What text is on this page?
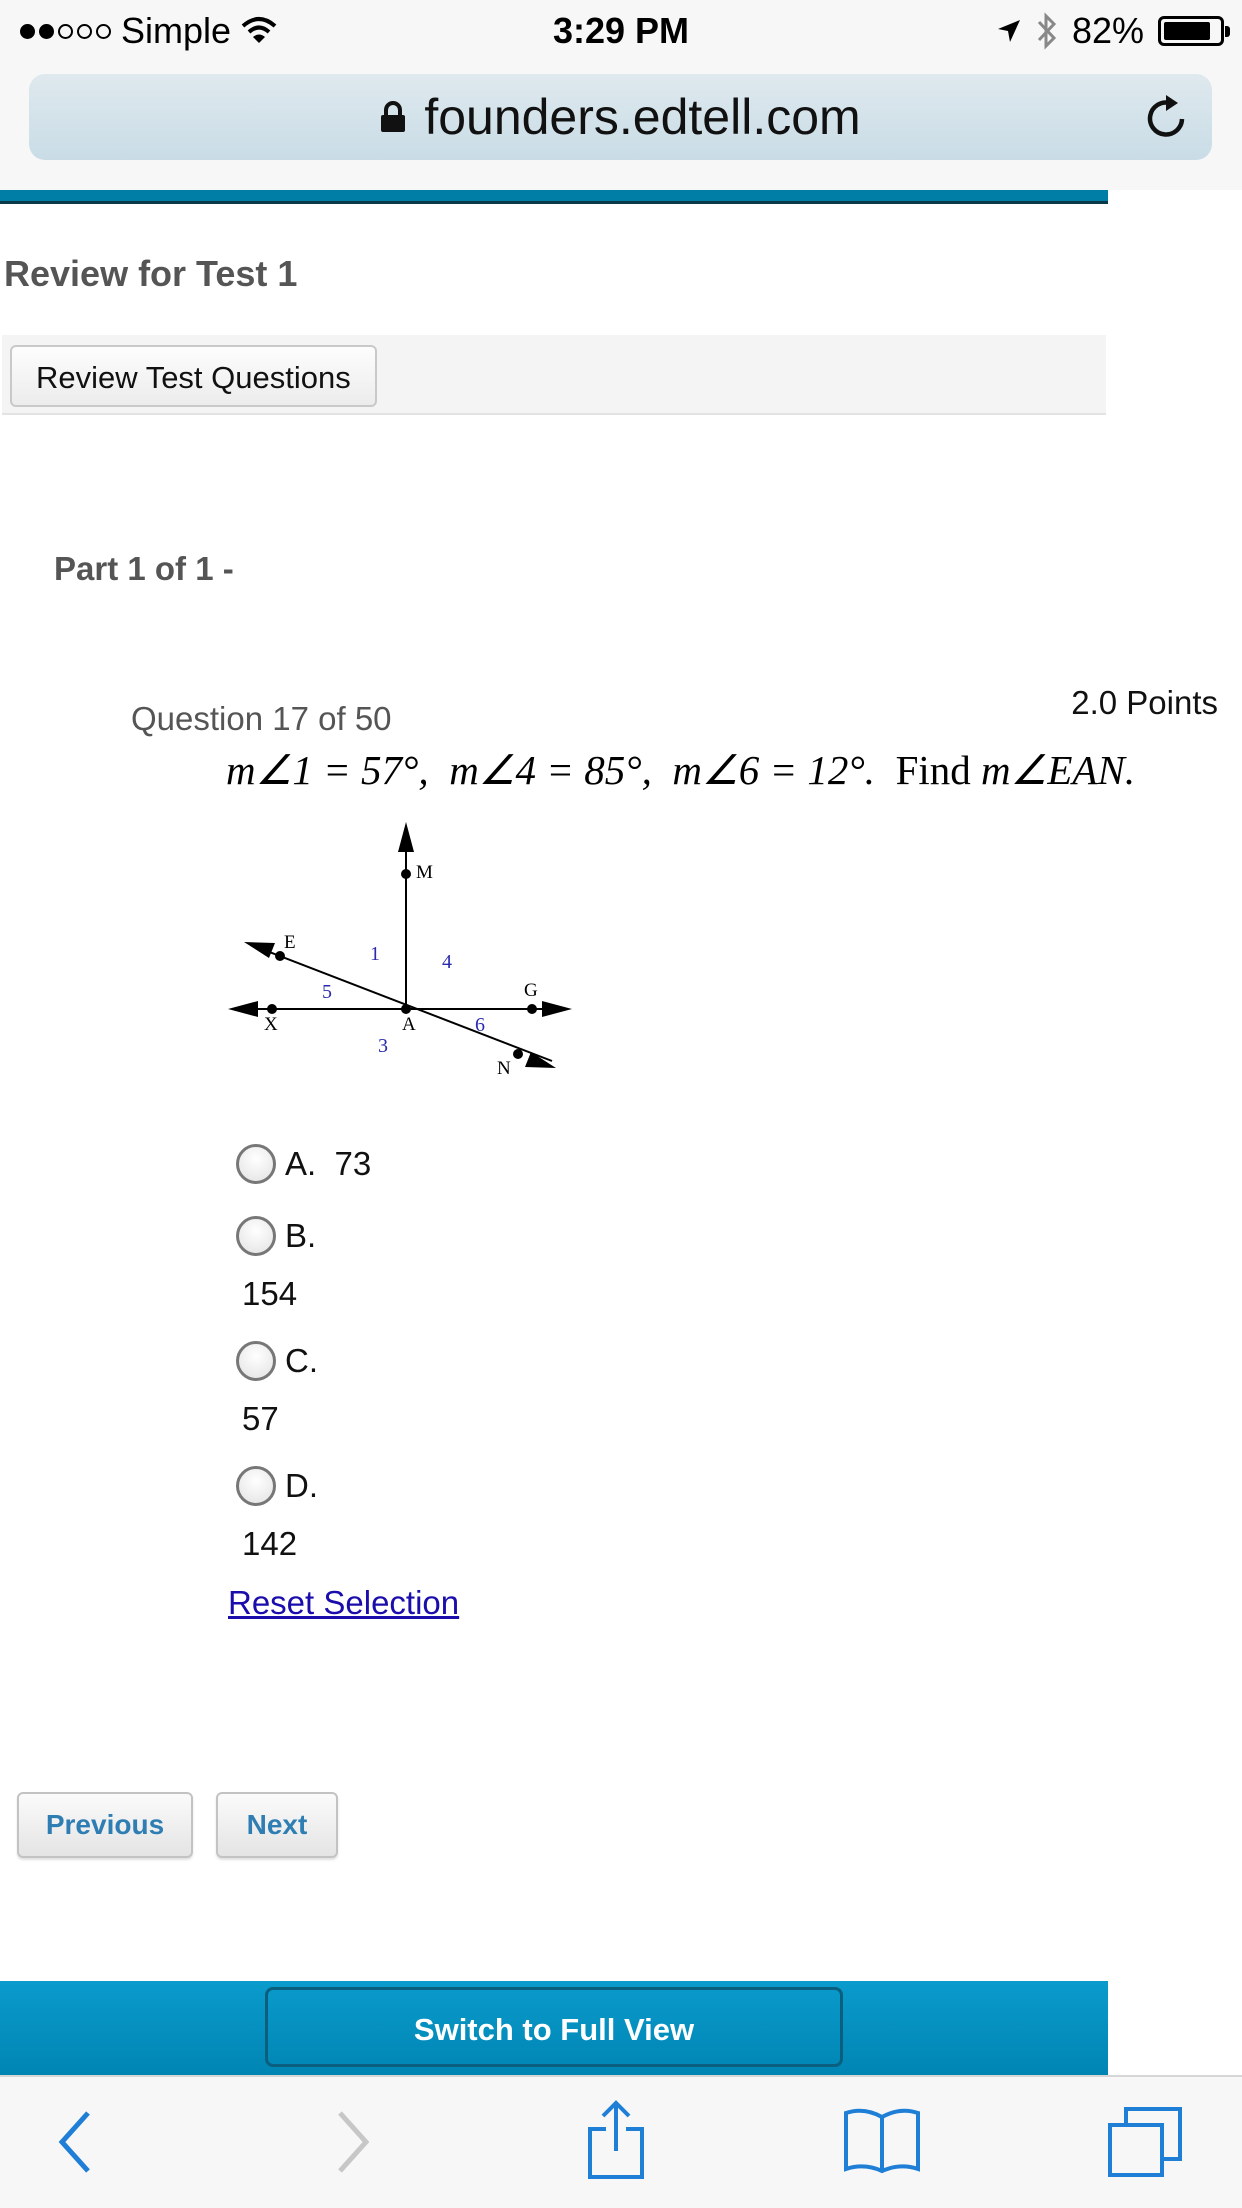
Simple	3:29 PM	82%
founders.edtell.com
Review for Test 1
Review Test Questions
Part 1 of 1 -
Question 17 of 50	2.0 Points
m∠1 = 57°, m∠4 = 85°, m∠6 = 12°. Find m∠EAN.
M
E
X	A
G
N
1	4
5
6
3
A.
73
B.
154
C.
57
D.
142
Reset Selection
Previous	Next
Switch to Full View
